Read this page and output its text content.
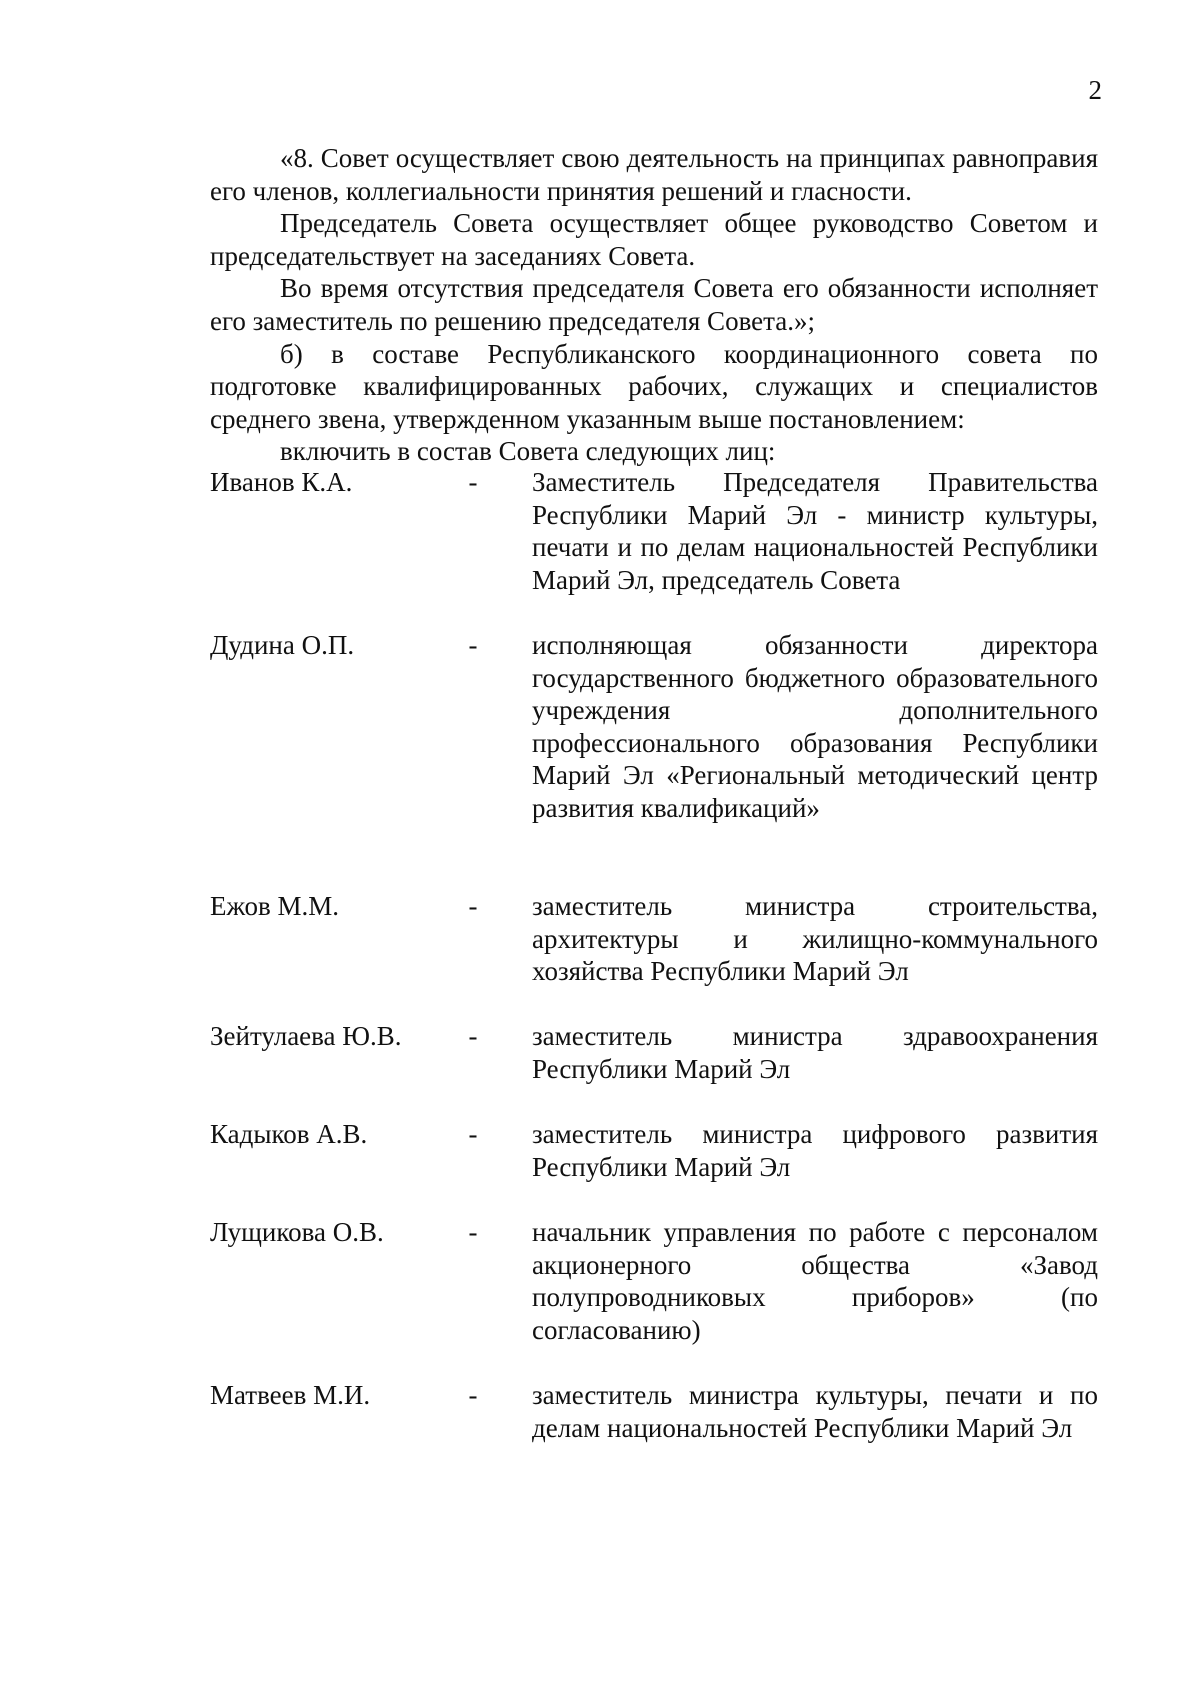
2

«8. Совет осуществляет свою деятельность на принципах равноправия его членов, коллегиальности принятия решений и гласности.

Председатель Совета осуществляет общее руководство Советом и председательствует на заседаниях Совета.

Во время отсутствия председателя Совета его обязанности исполняет его заместитель по решению председателя Совета.»;

б) в составе Республиканского координационного совета по подготовке квалифицированных рабочих, служащих и специалистов среднего звена, утвержденном указанным выше постановлением:

включить в состав Совета следующих лиц:

Иванов К.А.	- Заместитель Председателя Правительства Республики Марий Эл - министр культуры, печати и по делам национальностей Республики Марий Эл, председатель Совета
Дудина О.П.	- исполняющая обязанности директора государственного бюджетного образовательного учреждения дополнительного профессионального образования Республики Марий Эл «Региональный методический центр развития квалификаций»
Ежов М.М.	- заместитель министра строительства, архитектуры и жилищно-коммунального хозяйства Республики Марий Эл
Зейтулаева Ю.В.	- заместитель министра здравоохранения Республики Марий Эл
Кадыков А.В.	- заместитель министра цифрового развития Республики Марий Эл
Лущикова О.В.	- начальник управления по работе с персоналом акционерного общества «Завод полупроводниковых приборов» (по согласованию)
Матвеев М.И.	- заместитель министра культуры, печати и по делам национальностей Республики Марий Эл
